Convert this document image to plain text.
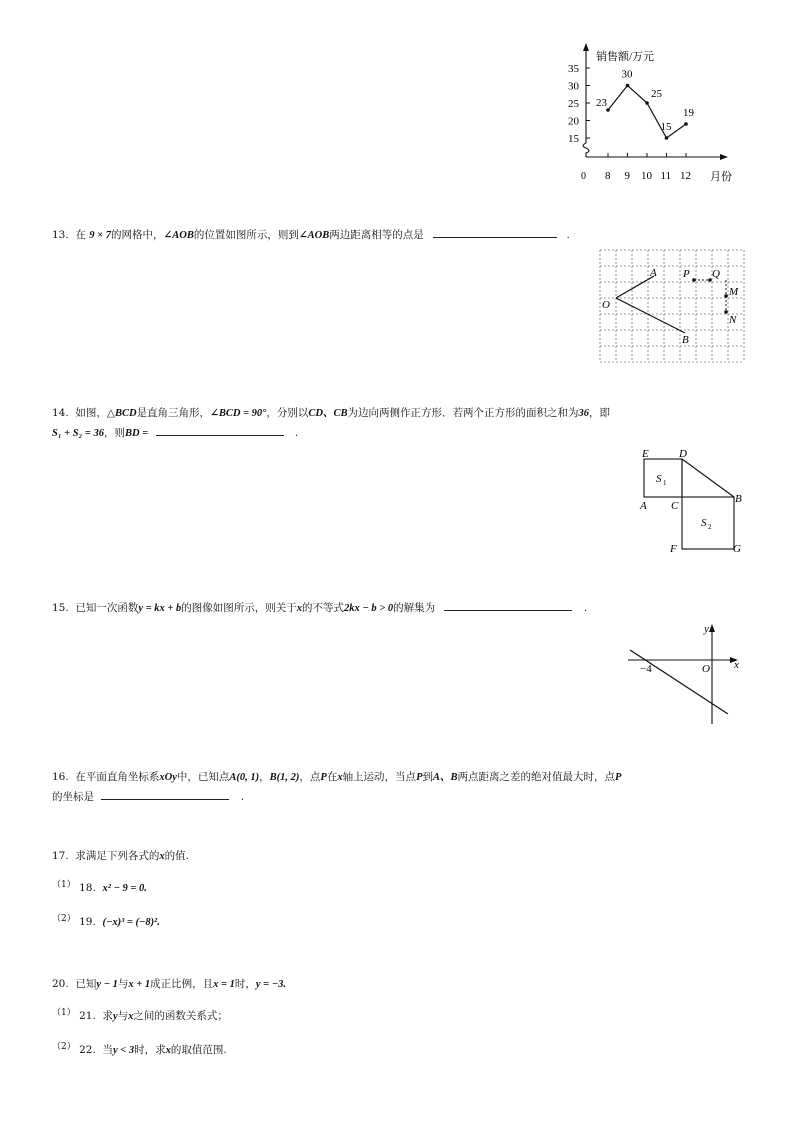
15
20
25
30
35
8 9 10 11 12
23
30
25
15
19
销售额/万元
月份
0
13. 在 9 × 7的网格中，∠AOB的位置如图所示，则到∠AOB两边距离相等的点是	.
A
O
B
P Q
M
N
14. 如图，△BCD是直角三角形，∠BCD = 90°，分别以CD、CB为边向两侧作正方形．若两个正方形的面积之和为36，即
S₁ + S₂ = 36，则BD =	.
E	D
A C
B
F	G
S 1
S 2
15. 已知一次函数y = kx + b的图像如图所示，则关于x的不等式2kx − b > 0的解集为	.
y
x
O
−4
16. 在平面直角坐标系xOy中，已知点A(0, 1)，B(1, 2)，点P在x轴上运动，当点P到A、B两点距离之差的绝对值最大时，点P
的坐标是	.
17. 求满足下列各式的x的值.
（1） 18. x² − 9 = 0.
（2） 19. (−x)³ = (−8)².
20. 已知y − 1与x + 1成正比例，且x = 1时，y = −3.
（1） 21. 求y与x之间的函数关系式；
（2） 22. 当y < 3时，求x的取值范围.
